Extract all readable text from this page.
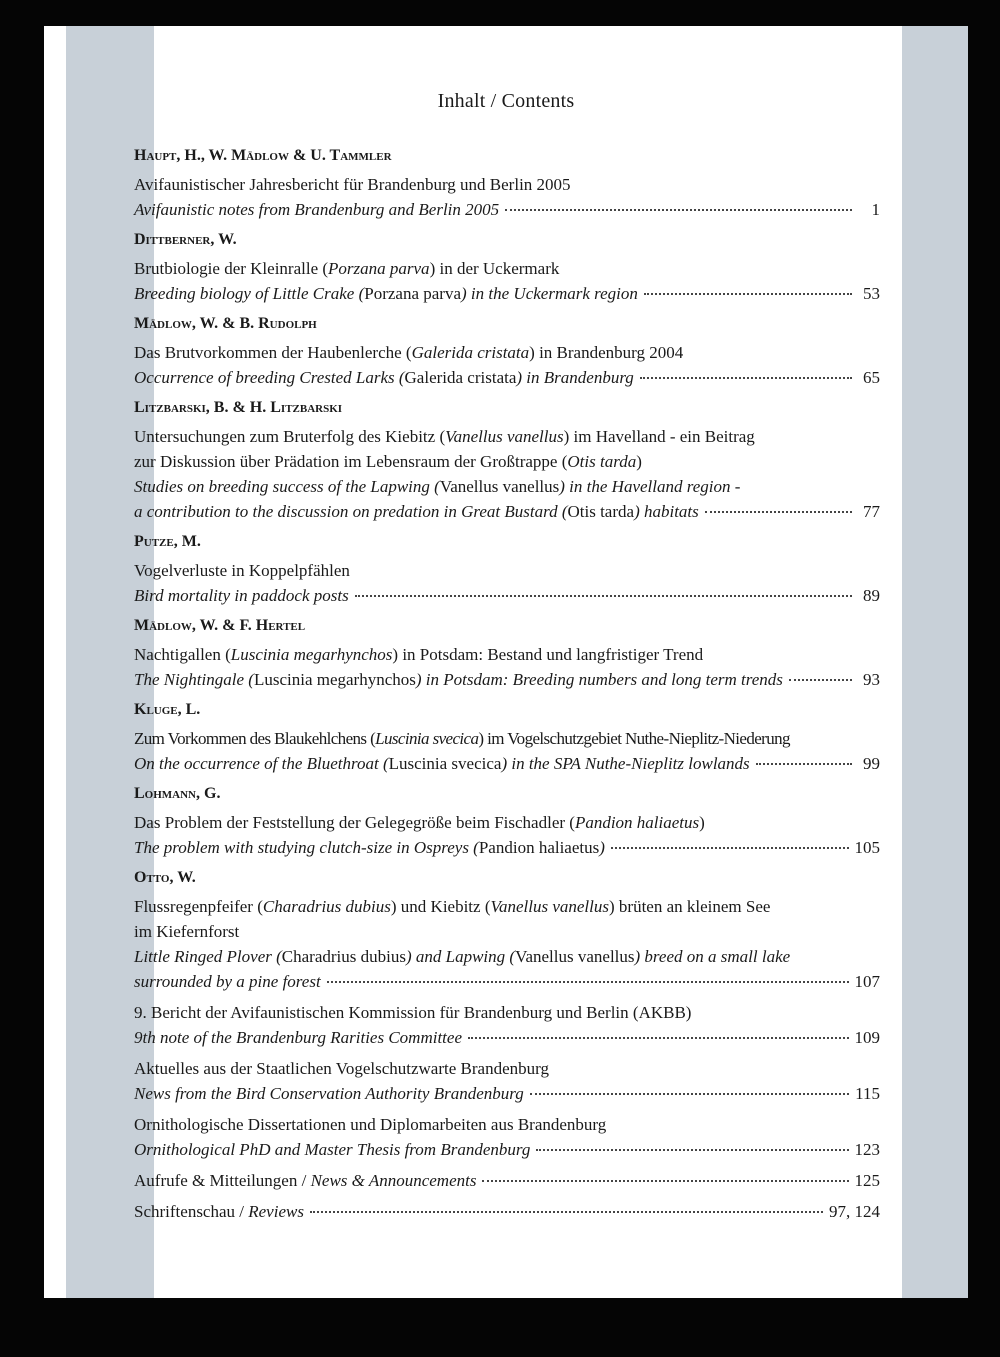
Inhalt / Contents
Haupt, H., W. Mädlow & U. Tammler
Avifaunistischer Jahresbericht für Brandenburg und Berlin 2005
Avifaunistic notes from Brandenburg and Berlin 2005	1
Dittberner, W.
Brutbiologie der Kleinralle (Porzana parva) in der Uckermark
Breeding biology of Little Crake (Porzana parva) in the Uckermark region	53
Mädlow, W. & B. Rudolph
Das Brutvorkommen der Haubenlerche (Galerida cristata) in Brandenburg 2004
Occurrence of breeding Crested Larks (Galerida cristata) in Brandenburg	65
Litzbarski, B. & H. Litzbarski
Untersuchungen zum Bruterfolg des Kiebitz (Vanellus vanellus) im Havelland - ein Beitrag
zur Diskussion über Prädation im Lebensraum der Großtrappe (Otis tarda)
Studies on breeding success of the Lapwing (Vanellus vanellus) in the Havelland region -
a contribution to the discussion on predation in Great Bustard (Otis tarda) habitats	77
Putze, M.
Vogelverluste in Koppelpfählen
Bird mortality in paddock posts	89
Mädlow, W. & F. Hertel
Nachtigallen (Luscinia megarhynchos) in Potsdam: Bestand und langfristiger Trend
The Nightingale (Luscinia megarhynchos) in Potsdam: Breeding numbers and long term trends	93
Kluge, L.
Zum Vorkommen des Blaukehlchens (Luscinia svecica) im Vogelschutzgebiet Nuthe-Nieplitz-Niederung
On the occurrence of the Bluethroat (Luscinia svecica) in the SPA Nuthe-Nieplitz lowlands	99
Lohmann, G.
Das Problem der Feststellung der Gelegegröße beim Fischadler (Pandion haliaetus)
The problem with studying clutch-size in Ospreys (Pandion haliaetus)	105
Otto, W.
Flussregenpfeifer (Charadrius dubius) und Kiebitz (Vanellus vanellus) brüten an kleinem See
im Kiefernforst
Little Ringed Plover (Charadrius dubius) and Lapwing (Vanellus vanellus) breed on a small lake
surrounded by a pine forest	107
9. Bericht der Avifaunistischen Kommission für Brandenburg und Berlin (AKBB)
9th note of the Brandenburg Rarities Committee	109
Aktuelles aus der Staatlichen Vogelschutzwarte Brandenburg
News from the Bird Conservation Authority Brandenburg	115
Ornithologische Dissertationen und Diplomarbeiten aus Brandenburg
Ornithological PhD and Master Thesis from Brandenburg	123
Aufrufe & Mitteilungen / News & Announcements	125
Schriftenschau / Reviews	97, 124
